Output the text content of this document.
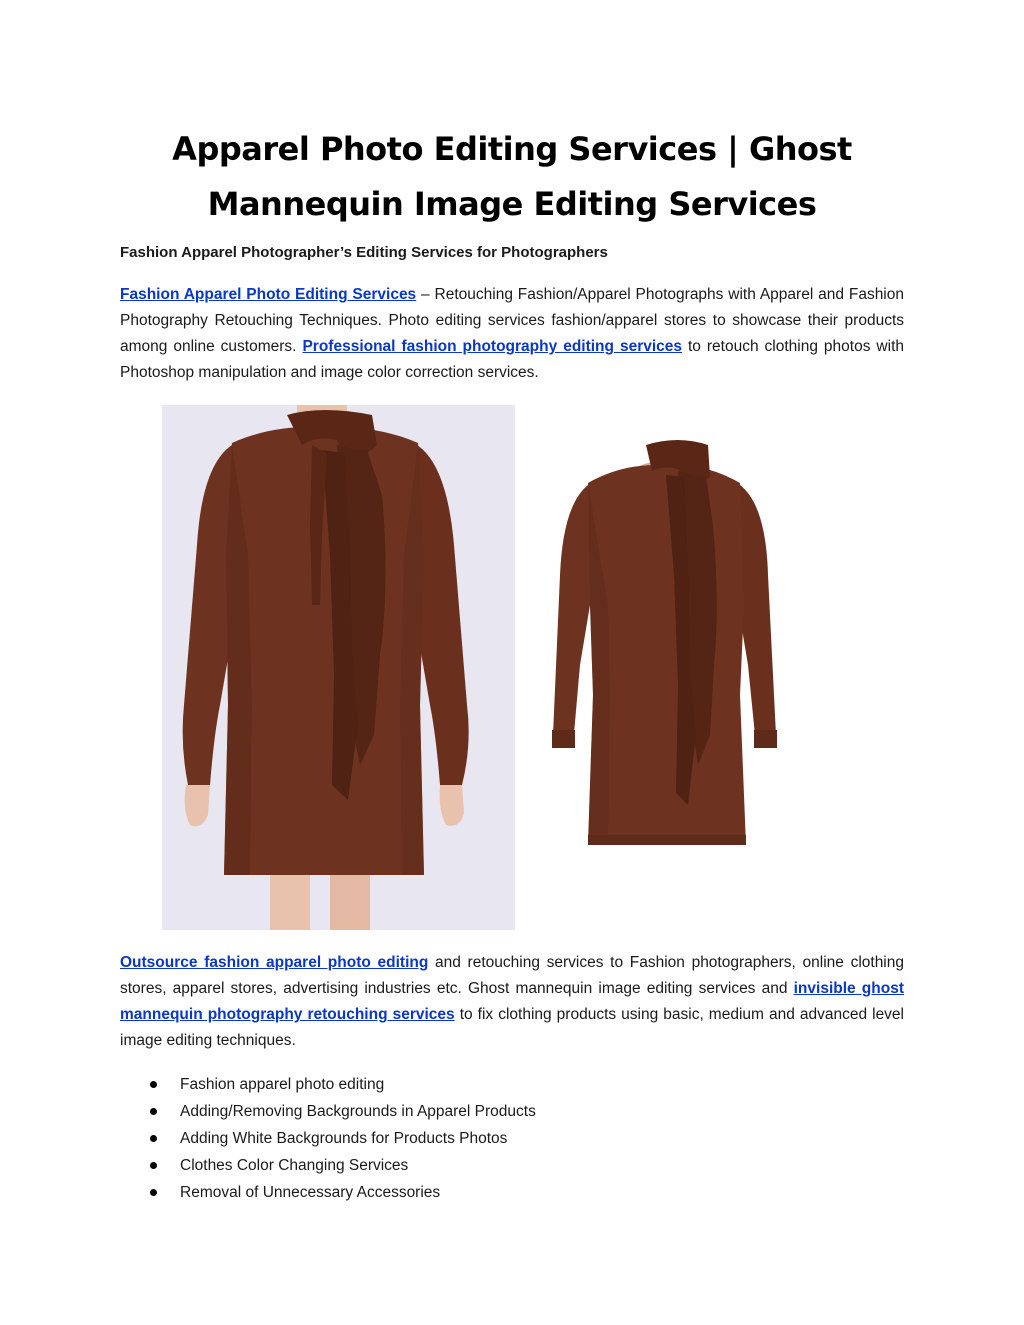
Apparel Photo Editing Services | Ghost Mannequin Image Editing Services

Fashion Apparel Photographer’s Editing Services for Photographers

Fashion Apparel Photo Editing Services – Retouching Fashion/Apparel Photographs with Apparel and Fashion Photography Retouching Techniques. Photo editing services fashion/apparel stores to showcase their products among online customers. Professional fashion photography editing services to retouch clothing photos with Photoshop manipulation and image color correction services.

Outsource fashion apparel photo editing and retouching services to Fashion photographers, online clothing stores, apparel stores, advertising industries etc. Ghost mannequin image editing services and invisible ghost mannequin photography retouching services to fix clothing products using basic, medium and advanced level image editing techniques.

Fashion apparel photo editing
Adding/Removing Backgrounds in Apparel Products
Adding White Backgrounds for Products Photos
Clothes Color Changing Services
Removal of Unnecessary Accessories
